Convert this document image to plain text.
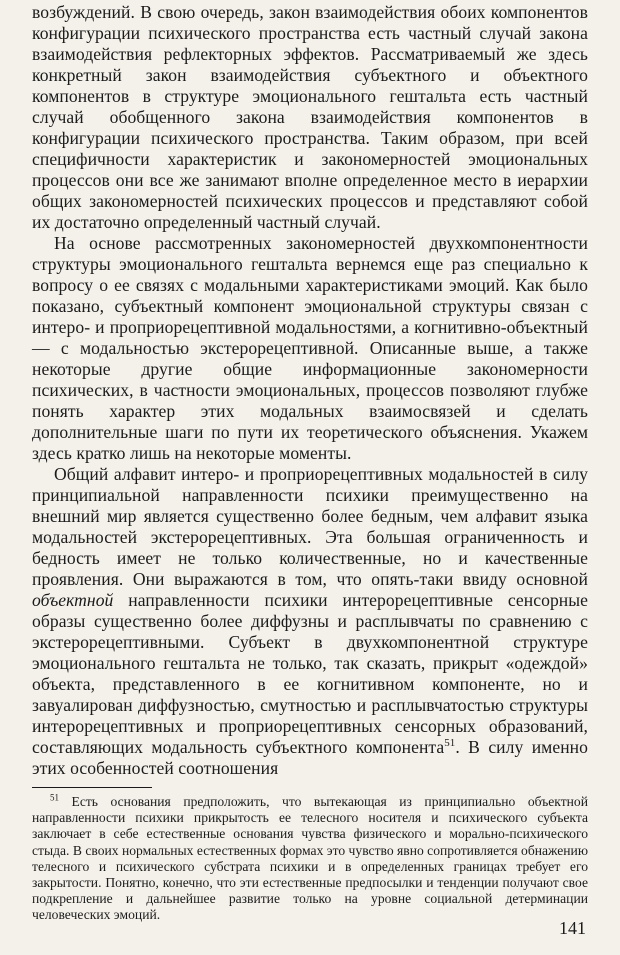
возбуждений. В свою очередь, закон взаимодействия обоих компонентов конфигурации психического пространства есть частный случай закона взаимодействия рефлекторных эффектов. Рассматриваемый же здесь конкретный закон взаимодействия субъектного и объектного компонентов в структуре эмоционального гештальта есть частный случай обобщенного закона взаимодействия компонентов в конфигурации психического пространства. Таким образом, при всей специфичности характеристик и закономерностей эмоциональных процессов они все же занимают вполне определенное место в иерархии общих закономерностей психических процессов и представляют собой их достаточно определенный частный случай.

На основе рассмотренных закономерностей двухкомпонентности структуры эмоционального гештальта вернемся еще раз специально к вопросу о ее связях с модальными характеристиками эмоций. Как было показано, субъектный компонент эмоциональной структуры связан с интеро- и проприорецептивной модальностями, а когнитивно-объектный — с модальностью экстерорецептивной. Описанные выше, а также некоторые другие общие информационные закономерности психических, в частности эмоциональных, процессов позволяют глубже понять характер этих модальных взаимосвязей и сделать дополнительные шаги по пути их теоретического объяснения. Укажем здесь кратко лишь на некоторые моменты.

Общий алфавит интеро- и проприорецептивных модальностей в силу принципиальной направленности психики преимущественно на внешний мир является существенно более бедным, чем алфавит языка модальностей экстерорецептивных. Эта большая ограниченность и бедность имеет не только количественные, но и качественные проявления. Они выражаются в том, что опять-таки ввиду основной объектной направленности психики интерорецептивные сенсорные образы существенно более диффузны и расплывчаты по сравнению с экстерорецептивными. Субъект в двухкомпонентной структуре эмоционального гештальта не только, так сказать, прикрыт «одеждой» объекта, представленного в ее когнитивном компоненте, но и завуалирован диффузностью, смутностью и расплывчатостью структуры интерорецептивных и проприорецептивных сенсорных образований, составляющих модальность субъектного компонента$^{51}$. В силу именно этих особенностей соотношения

$^{51}$ Есть основания предположить, что вытекающая из принципиально объектной направленности психики прикрытость ее телесного носителя и психического субъекта заключает в себе естественные основания чувства физического и морально-психического стыда. В своих нормальных естественных формах это чувство явно сопротивляется обнажению телесного и психического субстрата психики и в определенных границах требует его закрытости. Понятно, конечно, что эти естественные предпосылки и тенденции получают свое подкрепление и дальнейшее развитие только на уровне социальной детерминации человеческих эмоций.

141
